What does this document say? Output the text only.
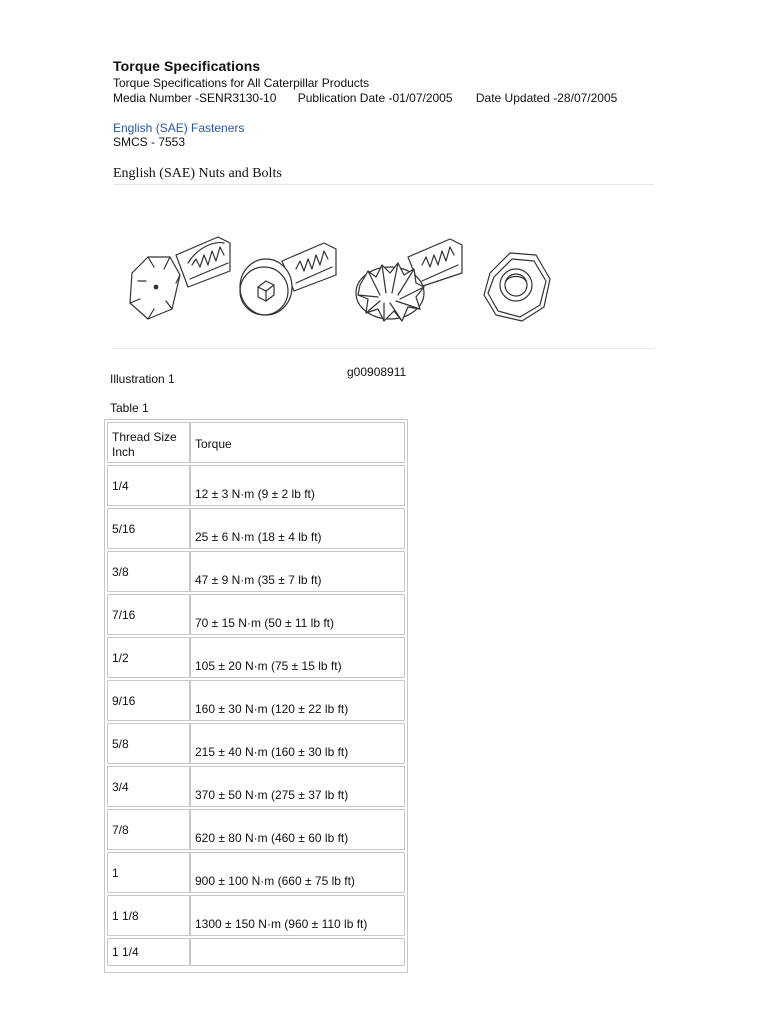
Torque Specifications
Torque Specifications for All Caterpillar Products
Media Number -SENR3130-10 Publication Date -01/07/2005 Date Updated -28/07/2005
English (SAE) Fasteners
SMCS - 7553
English (SAE) Nuts and Bolts
g00908911
Illustration 1
Table 1
Thread Size
Inch
Torque
1/4
12 ± 3 N·m (9 ± 2 lb ft)
5/16
25 ± 6 N·m (18 ± 4 lb ft)
3/8
47 ± 9 N·m (35 ± 7 lb ft)
7/16
70 ± 15 N·m (50 ± 11 lb ft)
1/2
105 ± 20 N·m (75 ± 15 lb ft)
9/16
160 ± 30 N·m (120 ± 22 lb ft)
5/8
215 ± 40 N·m (160 ± 30 lb ft)
3/4
370 ± 50 N·m (275 ± 37 lb ft)
7/8
620 ± 80 N·m (460 ± 60 lb ft)
1
900 ± 100 N·m (660 ± 75 lb ft)
1 1/8
1300 ± 150 N·m (960 ± 110 lb ft)
1 1/4
